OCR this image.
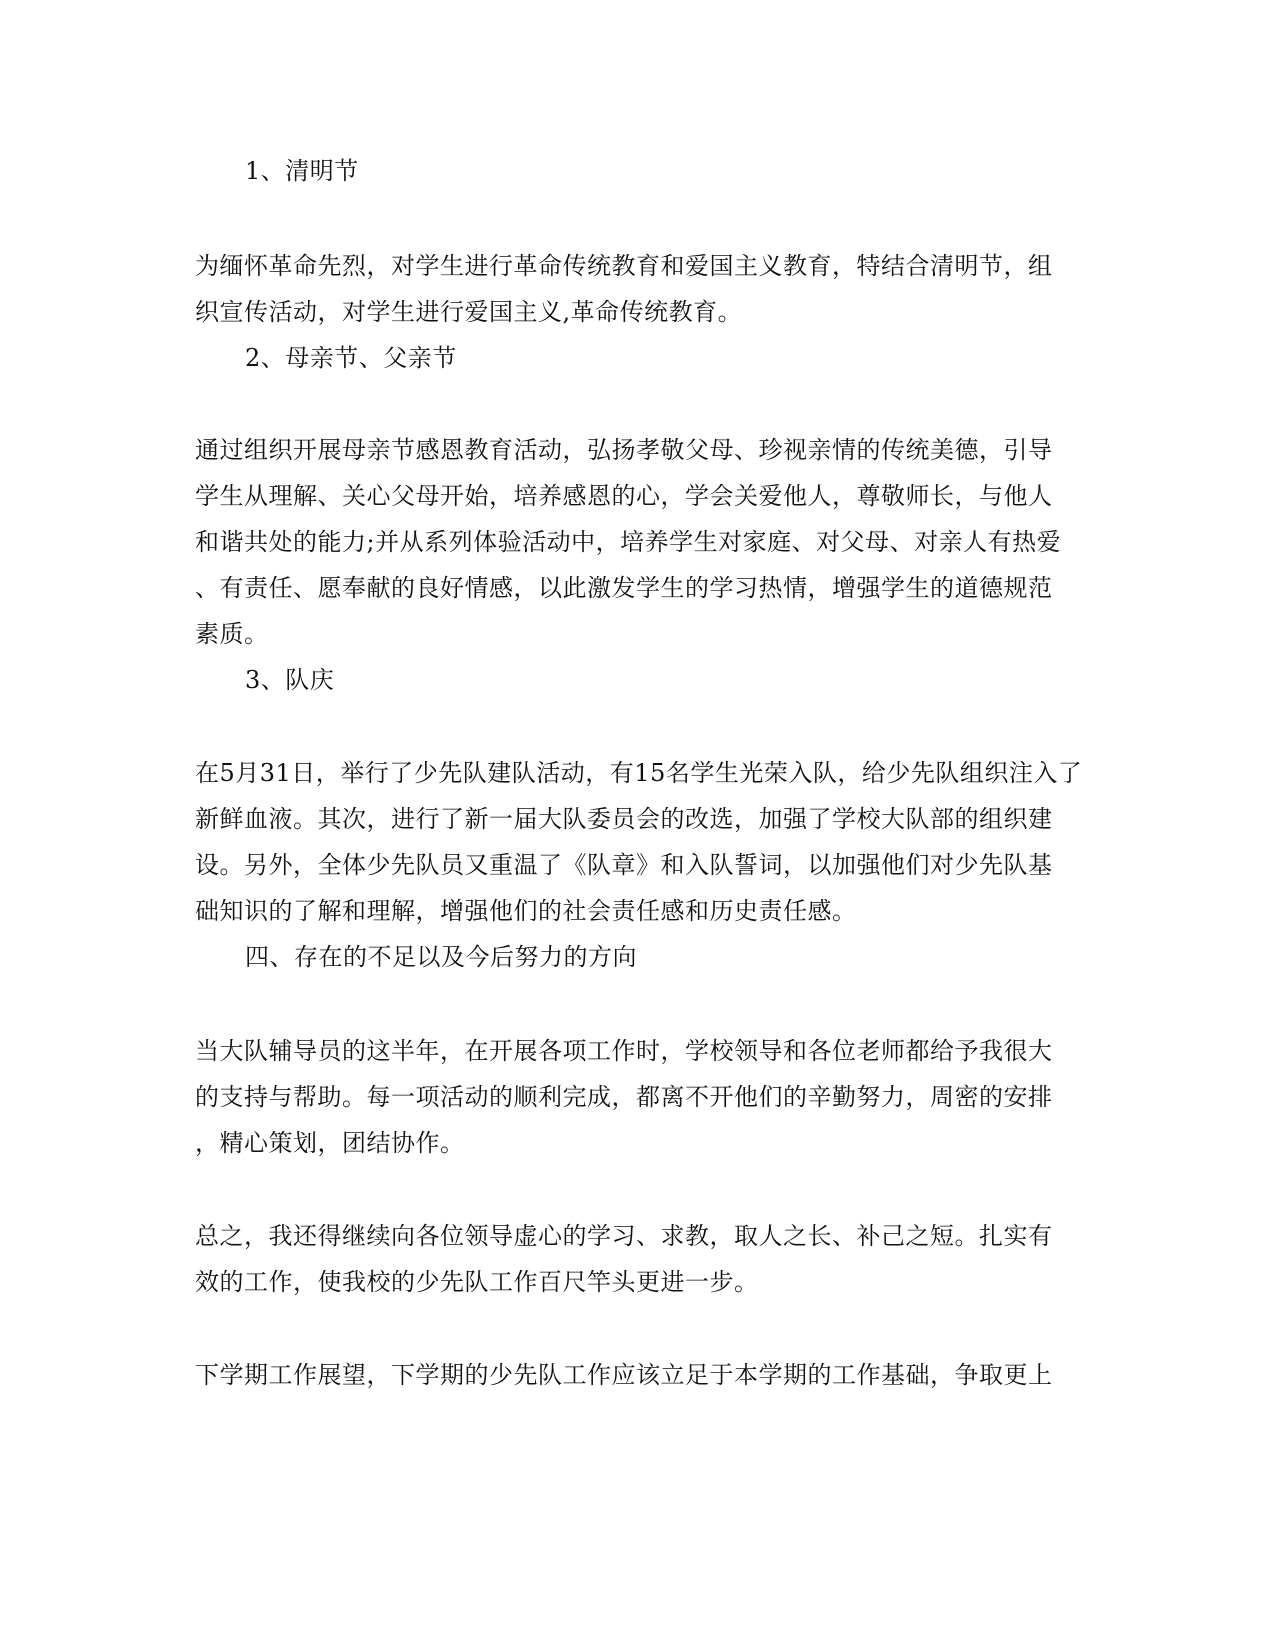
1、清明节
为缅怀革命先烈，对学生进行革命传统教育和爱国主义教育，特结合清明节，组
织宣传活动，对学生进行爱国主义,革命传统教育。
2、母亲节、父亲节
通过组织开展母亲节感恩教育活动，弘扬孝敬父母、珍视亲情的传统美德，引导
学生从理解、关心父母开始，培养感恩的心，学会关爱他人，尊敬师长，与他人
和谐共处的能力;并从系列体验活动中，培养学生对家庭、对父母、对亲人有热爱
、有责任、愿奉献的良好情感，以此激发学生的学习热情，增强学生的道德规范
素质。
3、队庆
在5月31日，举行了少先队建队活动，有15名学生光荣入队，给少先队组织注入了
新鲜血液。其次，进行了新一届大队委员会的改选，加强了学校大队部的组织建
设。另外，全体少先队员又重温了《队章》和入队誓词，以加强他们对少先队基
础知识的了解和理解，增强他们的社会责任感和历史责任感。
四、存在的不足以及今后努力的方向
当大队辅导员的这半年，在开展各项工作时，学校领导和各位老师都给予我很大
的支持与帮助。每一项活动的顺利完成，都离不开他们的辛勤努力，周密的安排
，精心策划，团结协作。
总之，我还得继续向各位领导虚心的学习、求教，取人之长、补己之短。扎实有
效的工作，使我校的少先队工作百尺竿头更进一步。
下学期工作展望，下学期的少先队工作应该立足于本学期的工作基础，争取更上
